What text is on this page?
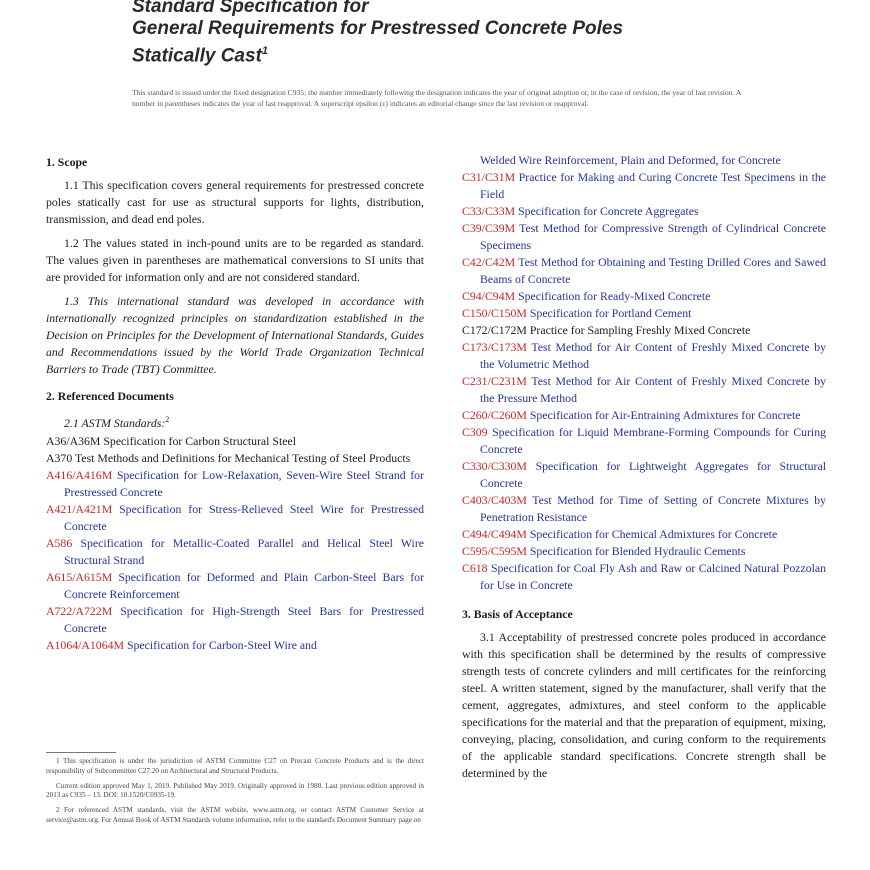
Standard Specification for
General Requirements for Prestressed Concrete Poles
Statically Cast$^1$

This standard is issued under the fixed designation C935; the number immediately following the designation indicates the year of original adoption or, in the case of revision, the year of last revision. A number in parentheses indicates the year of last reapproval. A superscript epsilon (ε) indicates an editorial change since the last revision or reapproval.

1. Scope

1.1 This specification covers general requirements for prestressed concrete poles statically cast for use as structural supports for lights, distribution, transmission, and dead end poles.

1.2 The values stated in inch-pound units are to be regarded as standard. The values given in parentheses are mathematical conversions to SI units that are provided for information only and are not considered standard.

1.3 This international standard was developed in accordance with internationally recognized principles on standardization established in the Decision on Principles for the Development of International Standards, Guides and Recommendations issued by the World Trade Organization Technical Barriers to Trade (TBT) Committee.

2. Referenced Documents
2.1 ASTM Standards:$^2$

A36/A36M Specification for Carbon Structural Steel

A370 Test Methods and Definitions for Mechanical Testing of Steel Products

A416/A416M Specification for Low-Relaxation, Seven-Wire Steel Strand for Prestressed Concrete

A421/A421M Specification for Stress-Relieved Steel Wire for Prestressed Concrete

A586 Specification for Metallic-Coated Parallel and Helical Steel Wire Structural Strand

A615/A615M Specification for Deformed and Plain Carbon-Steel Bars for Concrete Reinforcement

A722/A722M Specification for High-Strength Steel Bars for Prestressed Concrete

A1064/A1064M Specification for Carbon-Steel Wire and

Welded Wire Reinforcement, Plain and Deformed, for Concrete

C31/C31M Practice for Making and Curing Concrete Test Specimens in the Field

C33/C33M Specification for Concrete Aggregates

C39/C39M Test Method for Compressive Strength of Cylindrical Concrete Specimens

C42/C42M Test Method for Obtaining and Testing Drilled Cores and Sawed Beams of Concrete

C94/C94M Specification for Ready-Mixed Concrete

C150/C150M Specification for Portland Cement

C172/C172M Practice for Sampling Freshly Mixed Concrete

C173/C173M Test Method for Air Content of Freshly Mixed Concrete by the Volumetric Method

C231/C231M Test Method for Air Content of Freshly Mixed Concrete by the Pressure Method

C260/C260M Specification for Air-Entraining Admixtures for Concrete

C309 Specification for Liquid Membrane-Forming Compounds for Curing Concrete

C330/C330M Specification for Lightweight Aggregates for Structural Concrete

C403/C403M Test Method for Time of Setting of Concrete Mixtures by Penetration Resistance

C494/C494M Specification for Chemical Admixtures for Concrete

C595/C595M Specification for Blended Hydraulic Cements

C618 Specification for Coal Fly Ash and Raw or Calcined Natural Pozzolan for Use in Concrete

3. Basis of Acceptance

3.1 Acceptability of prestressed concrete poles produced in accordance with this specification shall be determined by the results of compressive strength tests of concrete cylinders and mill certificates for the reinforcing steel. A written statement, signed by the manufacturer, shall verify that the cement, aggregates, admixtures, and steel conform to the applicable specifications for the material and that the preparation of equipment, mixing, conveying, placing, consolidation, and curing conform to the requirements of the applicable standard specifications. Concrete strength shall be determined by the

1 This specification is under the jurisdiction of ASTM Committee C27 on Precast Concrete Products and is the direct responsibility of Subcommittee C27.20 on Architectural and Structural Products.

Current edition approved May 1, 2019. Published May 2019. Originally approved in 1980. Last previous edition approved in 2013 as C935 – 13. DOI: 10.1520/C0935-19.

2 For referenced ASTM standards, visit the ASTM website, www.astm.org, or contact ASTM Customer Service at service@astm.org. For Annual Book of ASTM Standards volume information, refer to the standard's Document Summary page on
